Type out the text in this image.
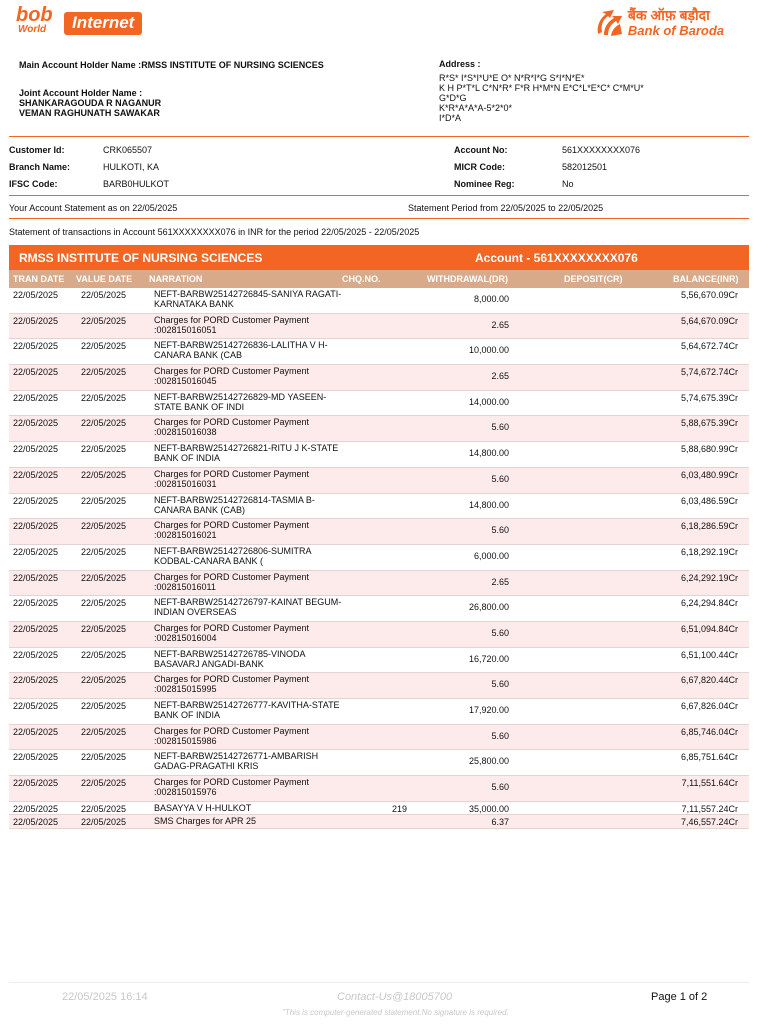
bob
World	Internet	बैंक ऑफ़ बड़ौदा
Bank of Baroda
Main Account Holder Name :RMSS INSTITUTE OF NURSING SCIENCES
Joint Account Holder Name :
SHANKARAGOUDA R NAGANUR
VEMAN RAGHUNATH SAWAKAR
Address :
R*S* I*S*I*U*E O* N*R*I*G S*I*N*E*
K H P*T*L C*N*R* F*R H*M*N E*C*L*E*C* C*M*U*
G*D*G
K*R*A*A*A-5*2*0*
I*D*A
Customer Id:	CRK065507
Branch Name:	HULKOTI, KA
IFSC Code:	BARB0HULKOT
Account No:	561XXXXXXXX076
MICR Code:	582012501
Nominee Reg:	No
Your Account Statement as on 22/05/2025	Statement Period from 22/05/2025 to 22/05/2025
Statement of transactions in Account 561XXXXXXXX076 in INR for the period 22/05/2025 - 22/05/2025
RMSS INSTITUTE OF NURSING SCIENCES	Account - 561XXXXXXXX076
TRAN DATE VALUE DATE NARRATION	CHQ.NO.	WITHDRAWAL(DR)	DEPOSIT(CR)	BALANCE(INR)
22/05/2025	22/05/2025	NEFT-BARBW25142726845-SANIYA RAGATI-KARNATAKA BANK	8,000.00	5,56,670.09Cr
22/05/2025	22/05/2025	Charges for PORD Customer Payment :002815016051	2.65	5,64,670.09Cr
22/05/2025	22/05/2025	NEFT-BARBW25142726836-LALITHA V H-CANARA BANK (CAB	10,000.00	5,64,672.74Cr
22/05/2025	22/05/2025	Charges for PORD Customer Payment :002815016045	2.65	5,74,672.74Cr
22/05/2025	22/05/2025	NEFT-BARBW25142726829-MD YASEEN-STATE BANK OF INDI	14,000.00	5,74,675.39Cr
22/05/2025	22/05/2025	Charges for PORD Customer Payment :002815016038	5.60	5,88,675.39Cr
22/05/2025	22/05/2025	NEFT-BARBW25142726821-RITU J K-STATE BANK OF INDIA	14,800.00	5,88,680.99Cr
22/05/2025	22/05/2025	Charges for PORD Customer Payment :002815016031	5.60	6,03,480.99Cr
22/05/2025	22/05/2025	NEFT-BARBW25142726814-TASMIA B-CANARA BANK (CAB)	14,800.00	6,03,486.59Cr
22/05/2025	22/05/2025	Charges for PORD Customer Payment :002815016021	5.60	6,18,286.59Cr
22/05/2025	22/05/2025	NEFT-BARBW25142726806-SUMITRA KODBAL-CANARA BANK (	6,000.00	6,18,292.19Cr
22/05/2025	22/05/2025	Charges for PORD Customer Payment :002815016011	2.65	6,24,292.19Cr
22/05/2025	22/05/2025	NEFT-BARBW25142726797-KAINAT BEGUM-INDIAN OVERSEAS	26,800.00	6,24,294.84Cr
22/05/2025	22/05/2025	Charges for PORD Customer Payment :002815016004	5.60	6,51,094.84Cr
22/05/2025	22/05/2025	NEFT-BARBW25142726785-VINODA BASAVARJ ANGADI-BANK	16,720.00	6,51,100.44Cr
22/05/2025	22/05/2025	Charges for PORD Customer Payment :002815015995	5.60	6,67,820.44Cr
22/05/2025	22/05/2025	NEFT-BARBW25142726777-KAVITHA-STATE BANK OF INDIA	17,920.00	6,67,826.04Cr
22/05/2025	22/05/2025	Charges for PORD Customer Payment :002815015986	5.60	6,85,746.04Cr
22/05/2025	22/05/2025	NEFT-BARBW25142726771-AMBARISH GADAG-PRAGATHI KRIS	25,800.00	6,85,751.64Cr
22/05/2025	22/05/2025	Charges for PORD Customer Payment :002815015976	5.60	7,11,551.64Cr
22/05/2025	22/05/2025	BASAYYA V H-HULKOT	219	35,000.00	7,11,557.24Cr
22/05/2025	22/05/2025	SMS Charges for APR 25	6.37	7,46,557.24Cr
22/05/2025 16:14	Contact-Us@18005700	Page 1 of 2
"This is computer-generated statement.No signature is required.
